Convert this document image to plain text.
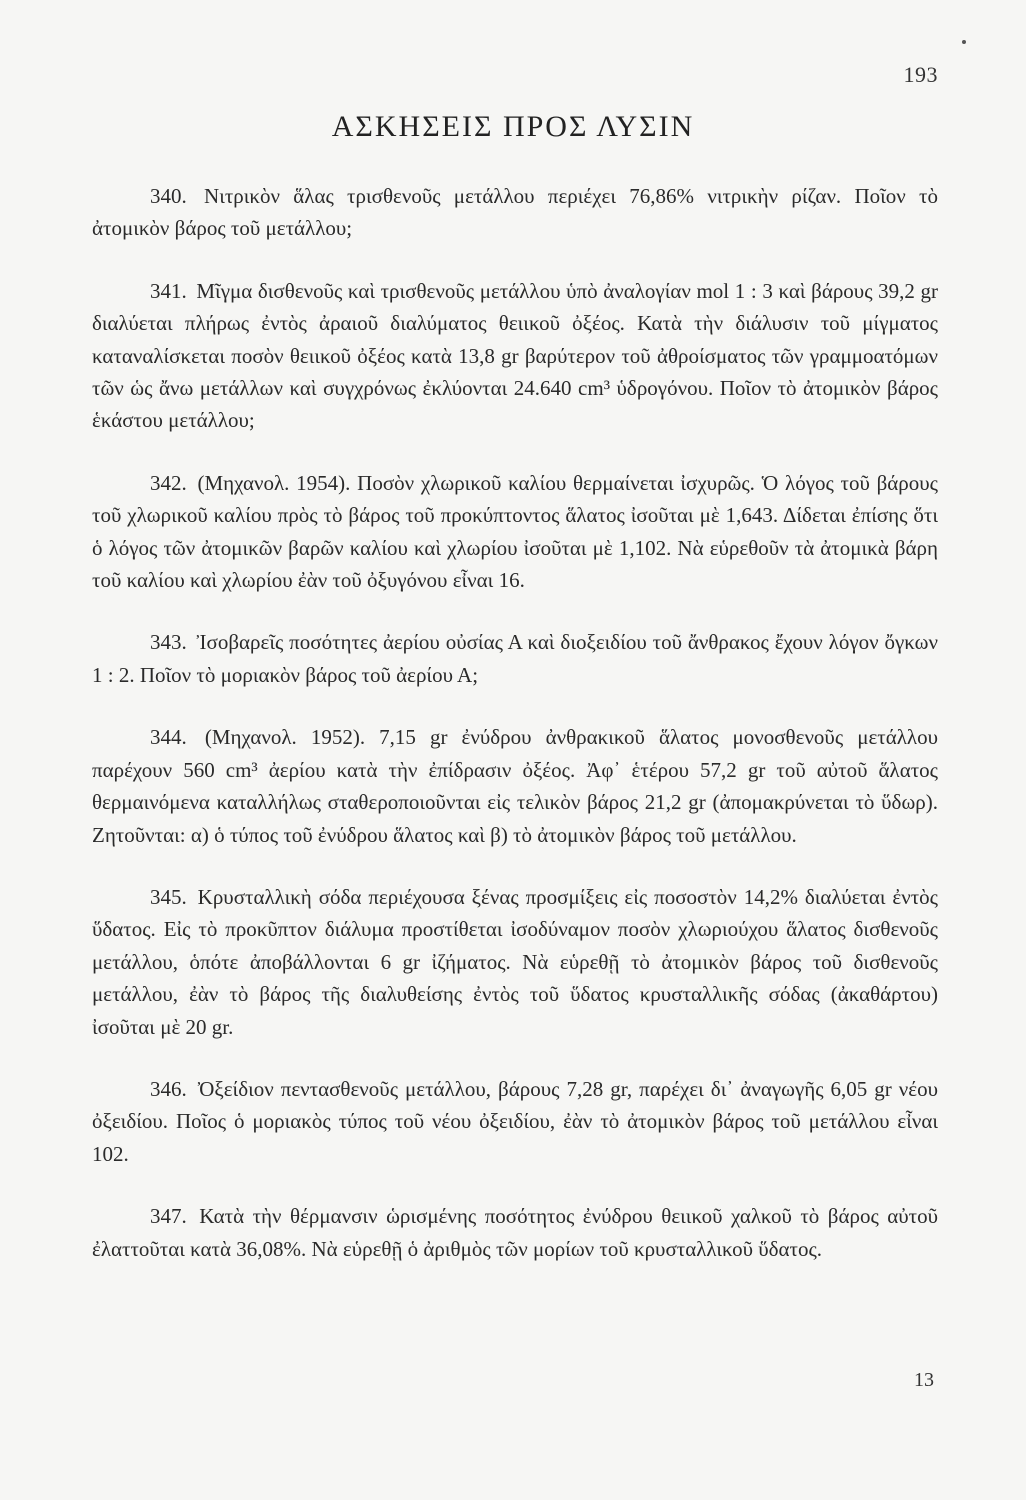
193
ΑΣΚΗΣΕΙΣ ΠΡΟΣ ΛΥΣΙΝ

340. Νιτρικὸν ἅλας τρισθενοῦς μετάλλου περιέχει 76,86% νιτρικὴν ρίζαν. Ποῖον τὸ ἀτομικὸν βάρος τοῦ μετάλλου;

341. Μῖγμα δισθενοῦς καὶ τρισθενοῦς μετάλλου ὑπὸ ἀναλογίαν mol 1 : 3 καὶ βάρους 39,2 gr διαλύεται πλήρως ἐντὸς ἀραιοῦ διαλύματος θειικοῦ ὀξέος. Κατὰ τὴν διάλυσιν τοῦ μίγματος καταναλίσκεται ποσὸν θειικοῦ ὀξέος κατὰ 13,8 gr βαρύτερον τοῦ ἀθροίσματος τῶν γραμμοατόμων τῶν ὡς ἄνω μετάλλων καὶ συγχρόνως ἐκλύονται 24.640 cm³ ὑδρογόνου. Ποῖον τὸ ἀτομικὸν βάρος ἑκάστου μετάλλου;

342. (Μηχανολ. 1954). Ποσὸν χλωρικοῦ καλίου θερμαίνεται ἰσχυρῶς. Ὁ λόγος τοῦ βάρους τοῦ χλωρικοῦ καλίου πρὸς τὸ βάρος τοῦ προκύπτοντος ἅλατος ἰσοῦται μὲ 1,643. Δίδεται ἐπίσης ὅτι ὁ λόγος τῶν ἀτομικῶν βαρῶν καλίου καὶ χλωρίου ἰσοῦται μὲ 1,102. Νὰ εὑρεθοῦν τὰ ἀτομικὰ βάρη τοῦ καλίου καὶ χλωρίου ἐὰν τοῦ ὀξυγόνου εἶναι 16.

343. Ἰσοβαρεῖς ποσότητες ἀερίου οὐσίας Α καὶ διοξειδίου τοῦ ἄνθρακος ἔχουν λόγον ὄγκων 1 : 2. Ποῖον τὸ μοριακὸν βάρος τοῦ ἀερίου Α;

344. (Μηχανολ. 1952). 7,15 gr ἐνύδρου ἀνθρακικοῦ ἅλατος μονοσθενοῦς μετάλλου παρέχουν 560 cm³ ἀερίου κατὰ τὴν ἐπίδρασιν ὀξέος. Ἀφ᾽ ἑτέρου 57,2 gr τοῦ αὐτοῦ ἅλατος θερμαινόμενα καταλλήλως σταθεροποιοῦνται εἰς τελικὸν βάρος 21,2 gr (ἀπομακρύνεται τὸ ὕδωρ). Ζητοῦνται: α) ὁ τύπος τοῦ ἐνύδρου ἅλατος καὶ β) τὸ ἀτομικὸν βάρος τοῦ μετάλλου.

345. Κρυσταλλικὴ σόδα περιέχουσα ξένας προσμίξεις εἰς ποσοστὸν 14,2% διαλύεται ἐντὸς ὕδατος. Εἰς τὸ προκῦπτον διάλυμα προστίθεται ἰσοδύναμον ποσὸν χλωριούχου ἅλατος δισθενοῦς μετάλλου, ὁπότε ἀποβάλλονται 6 gr ἰζήματος. Νὰ εὑρεθῇ τὸ ἀτομικὸν βάρος τοῦ δισθενοῦς μετάλλου, ἐὰν τὸ βάρος τῆς διαλυθείσης ἐντὸς τοῦ ὕδατος κρυσταλλικῆς σόδας (ἀκαθάρτου) ἰσοῦται μὲ 20 gr.

346. Ὀξείδιον πεντασθενοῦς μετάλλου, βάρους 7,28 gr, παρέχει δι᾽ ἀναγωγῆς 6,05 gr νέου ὀξειδίου. Ποῖος ὁ μοριακὸς τύπος τοῦ νέου ὀξειδίου, ἐὰν τὸ ἀτομικὸν βάρος τοῦ μετάλλου εἶναι 102.

347. Κατὰ τὴν θέρμανσιν ὡρισμένης ποσότητος ἐνύδρου θειικοῦ χαλκοῦ τὸ βάρος αὐτοῦ ἐλαττοῦται κατὰ 36,08%. Νὰ εὑρεθῇ ὁ ἀριθμὸς τῶν μορίων τοῦ κρυσταλλικοῦ ὕδατος.

13
